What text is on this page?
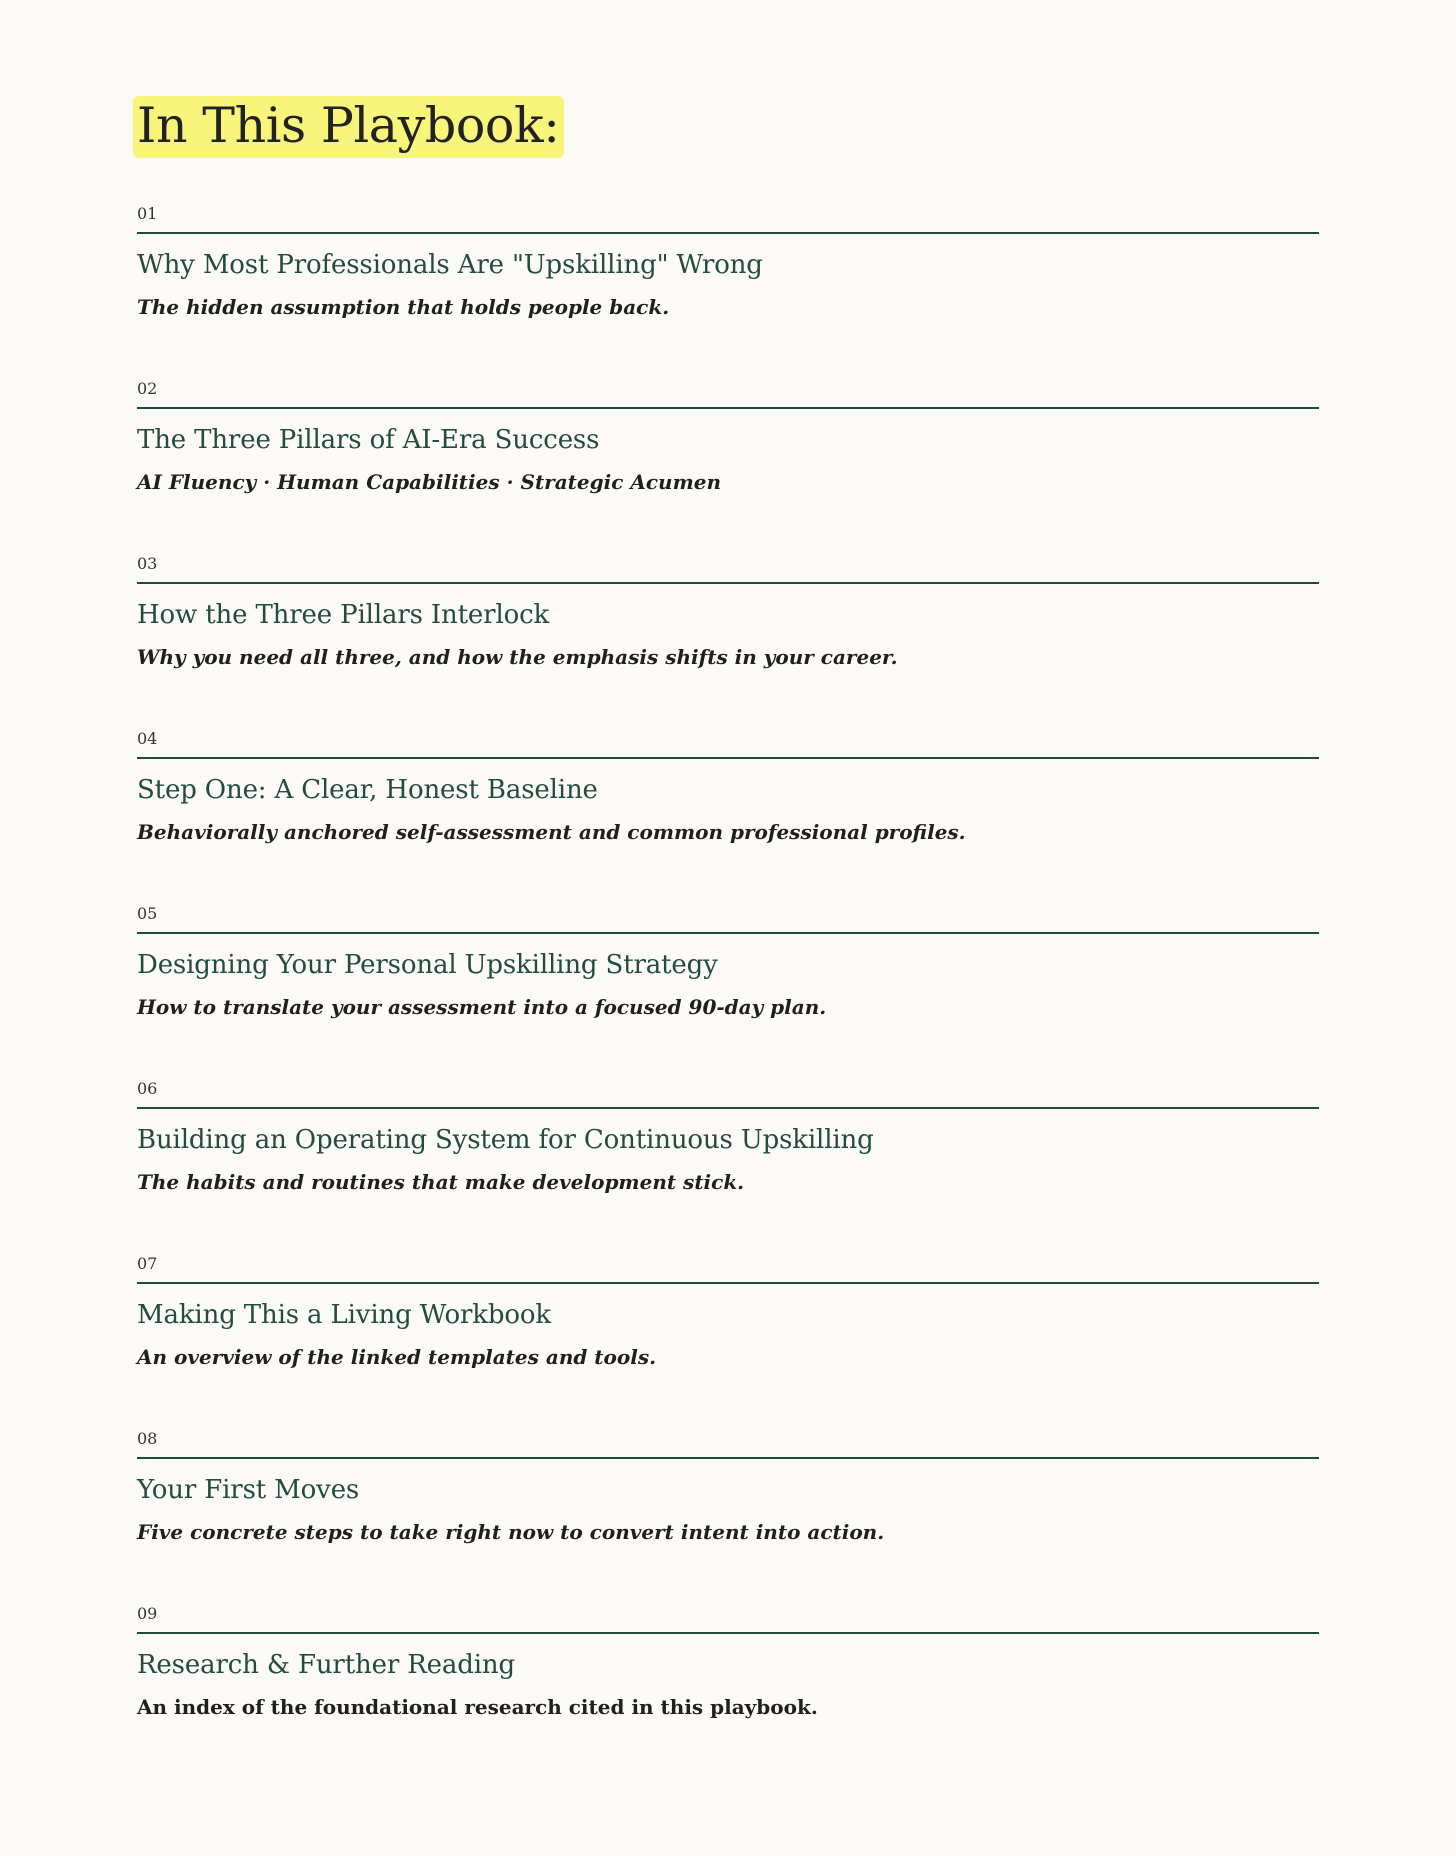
In This Playbook:
01
Why Most Professionals Are "Upskilling" Wrong
The hidden assumption that holds people back.
02
The Three Pillars of AI-Era Success
AI Fluency · Human Capabilities · Strategic Acumen
03
How the Three Pillars Interlock
Why you need all three, and how the emphasis shifts in your career.
04
Step One: A Clear, Honest Baseline
Behaviorally anchored self-assessment and common professional profiles.
05
Designing Your Personal Upskilling Strategy
How to translate your assessment into a focused 90-day plan.
06
Building an Operating System for Continuous Upskilling
The habits and routines that make development stick.
07
Making This a Living Workbook
An overview of the linked templates and tools.
08
Your First Moves
Five concrete steps to take right now to convert intent into action.
09
Research & Further Reading
An index of the foundational research cited in this playbook.
